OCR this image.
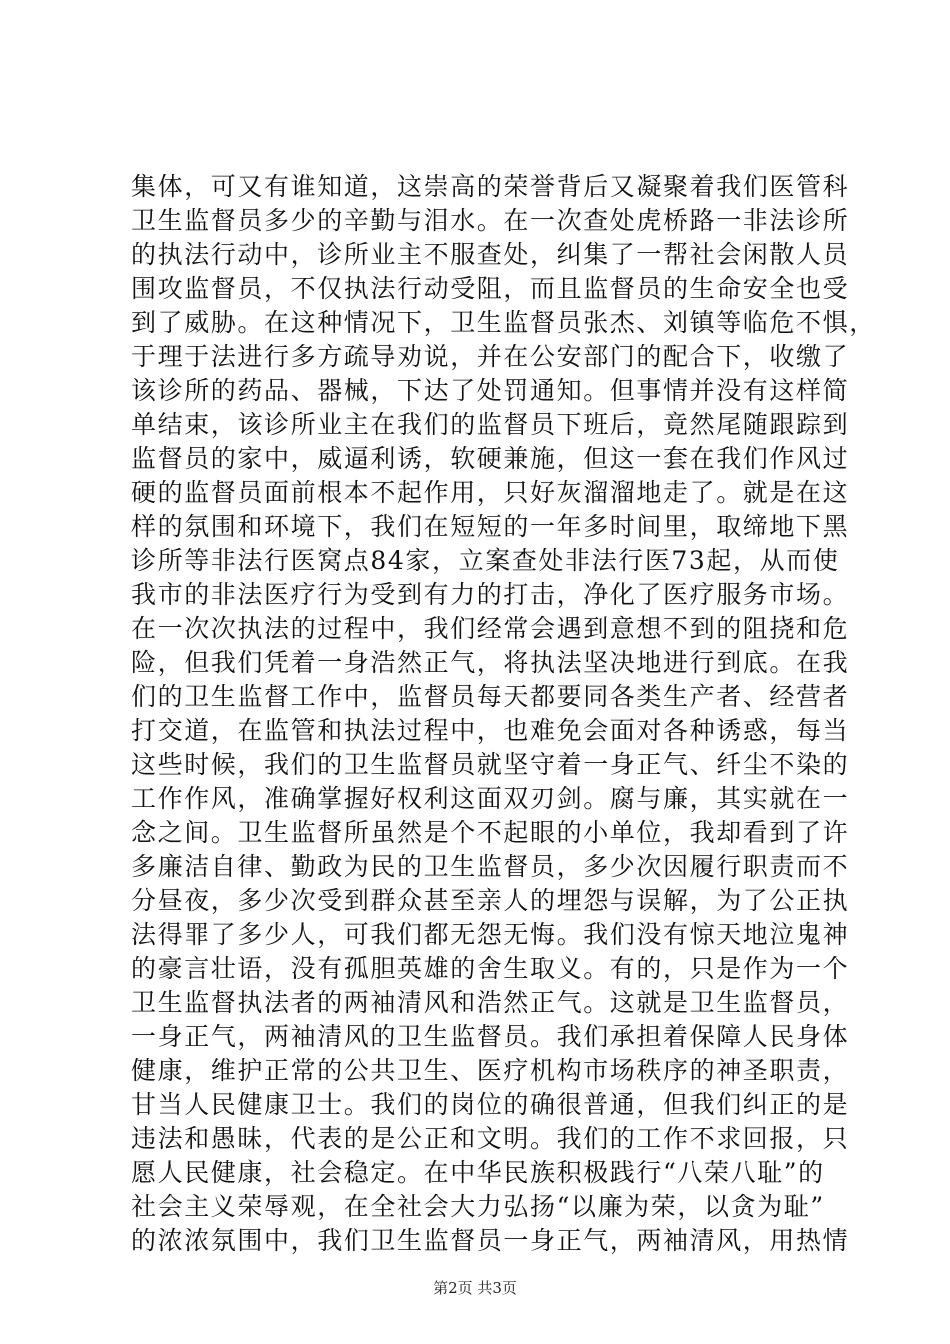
集体，可又有谁知道，这崇高的荣誉背后又凝聚着我们医管科
卫生监督员多少的辛勤与泪水。在一次查处虎桥路一非法诊所
的执法行动中，诊所业主不服查处，纠集了一帮社会闲散人员
围攻监督员，不仅执法行动受阻，而且监督员的生命安全也受
到了威胁。在这种情况下，卫生监督员张杰、刘镇等临危不惧，
于理于法进行多方疏导劝说，并在公安部门的配合下，收缴了
该诊所的药品、器械，下达了处罚通知。但事情并没有这样简
单结束，该诊所业主在我们的监督员下班后，竟然尾随跟踪到
监督员的家中，威逼利诱，软硬兼施，但这一套在我们作风过
硬的监督员面前根本不起作用，只好灰溜溜地走了。就是在这
样的氛围和环境下，我们在短短的一年多时间里，取缔地下黑
诊所等非法行医窝点84家，立案查处非法行医73起，从而使
我市的非法医疗行为受到有力的打击，净化了医疗服务市场。
在一次次执法的过程中，我们经常会遇到意想不到的阻挠和危
险，但我们凭着一身浩然正气，将执法坚决地进行到底。在我
们的卫生监督工作中，监督员每天都要同各类生产者、经营者
打交道，在监管和执法过程中，也难免会面对各种诱惑，每当
这些时候，我们的卫生监督员就坚守着一身正气、纤尘不染的
工作作风，准确掌握好权利这面双刃剑。腐与廉，其实就在一
念之间。卫生监督所虽然是个不起眼的小单位，我却看到了许
多廉洁自律、勤政为民的卫生监督员，多少次因履行职责而不
分昼夜，多少次受到群众甚至亲人的埋怨与误解，为了公正执
法得罪了多少人，可我们都无怨无悔。我们没有惊天地泣鬼神
的豪言壮语，没有孤胆英雄的舍生取义。有的，只是作为一个
卫生监督执法者的两袖清风和浩然正气。这就是卫生监督员，
一身正气，两袖清风的卫生监督员。我们承担着保障人民身体
健康，维护正常的公共卫生、医疗机构市场秩序的神圣职责，
甘当人民健康卫士。我们的岗位的确很普通，但我们纠正的是
违法和愚昧，代表的是公正和文明。我们的工作不求回报，只
愿人民健康，社会稳定。在中华民族积极践行“八荣八耻”的
社会主义荣辱观，在全社会大力弘扬“以廉为荣，以贪为耻”
的浓浓氛围中，我们卫生监督员一身正气，两袖清风，用热情
第2页 共3页
